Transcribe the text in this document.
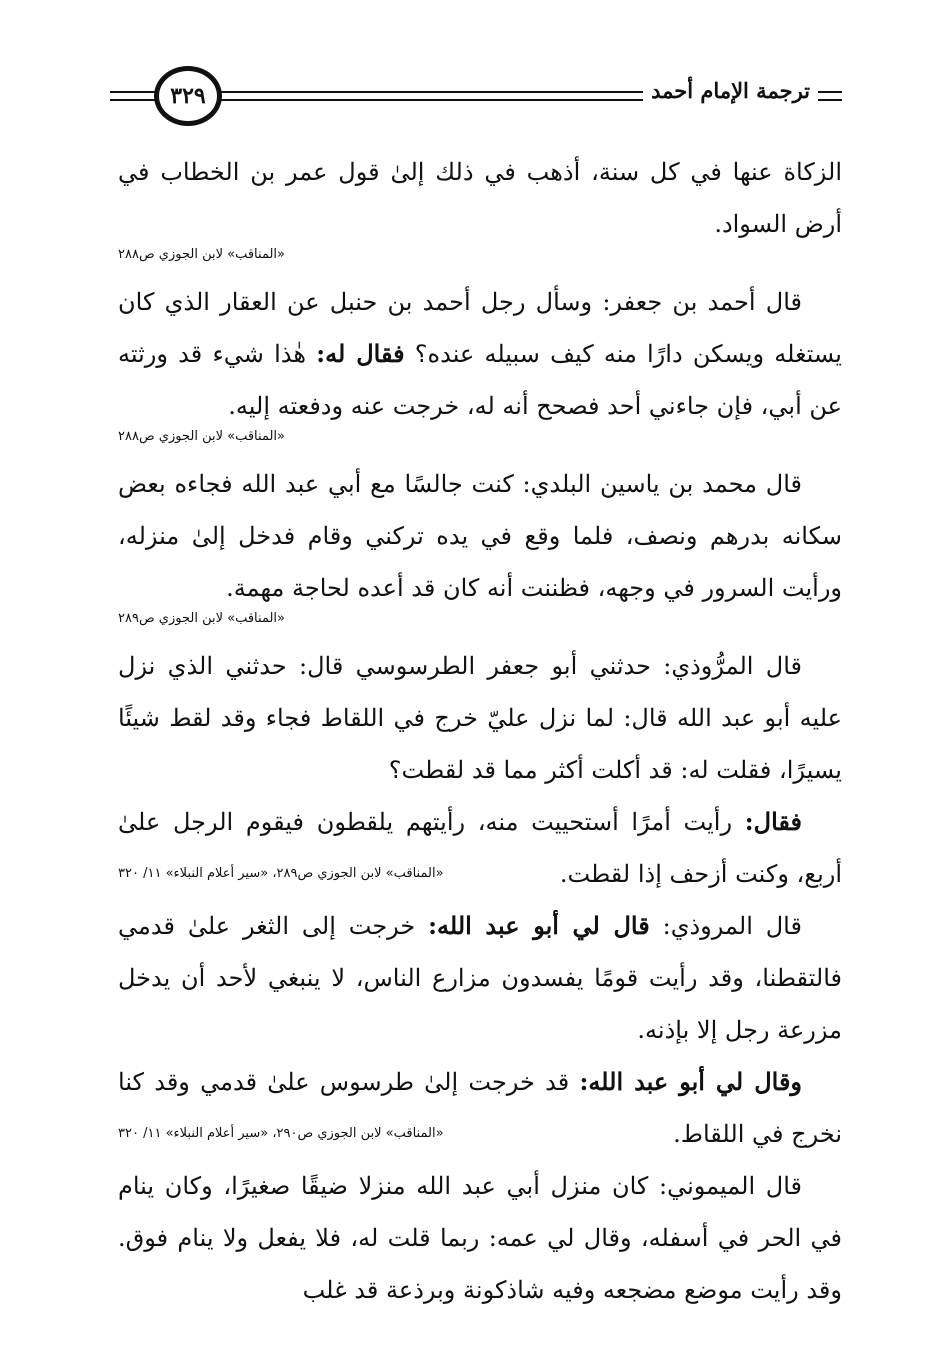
٣٢٩	ترجمة الإمام أحمد

الزكاة عنها في كل سنة، أذهب في ذلك إلىٰ قول عمر بن الخطاب في أرض السواد.

«المناقب» لابن الجوزي ص٢٨٨

قال أحمد بن جعفر: وسأل رجل أحمد بن حنبل عن العقار الذي كان يستغله ويسكن دارًا منه كيف سبيله عنده؟ فقال له: هٰذا شيء قد ورثته عن أبي، فإن جاءني أحد فصحح أنه له، خرجت عنه ودفعته إليه.

«المناقب» لابن الجوزي ص٢٨٨

قال محمد بن ياسين البلدي: كنت جالسًا مع أبي عبد الله فجاءه بعض سكانه بدرهم ونصف، فلما وقع في يده تركني وقام فدخل إلىٰ منزله، ورأيت السرور في وجهه، فظننت أنه كان قد أعده لحاجة مهمة.

«المناقب» لابن الجوزي ص٢٨٩

قال المرُّوذي: حدثني أبو جعفر الطرسوسي قال: حدثني الذي نزل عليه أبو عبد الله قال: لما نزل عليّ خرج في اللقاط فجاء وقد لقط شيئًا يسيرًا، فقلت له: قد أكلت أكثر مما قد لقطت؟

فقال: رأيت أمرًا أستحييت منه، رأيتهم يلقطون فيقوم الرجل علىٰ أربع، وكنت أزحف إذا لقطت.
«المناقب» لابن الجوزي ص٢٨٩، «سير أعلام النبلاء» ١١/ ٣٢٠

قال المروذي: قال لي أبو عبد الله: خرجت إلى الثغر علىٰ قدمي فالتقطنا، وقد رأيت قومًا يفسدون مزارع الناس، لا ينبغي لأحد أن يدخل مزرعة رجل إلا بإذنه.

وقال لي أبو عبد الله: قد خرجت إلىٰ طرسوس علىٰ قدمي وقد كنا نخرج في اللقاط.
«المناقب» لابن الجوزي ص٢٩٠، «سير أعلام النبلاء» ١١/ ٣٢٠

قال الميموني: كان منزل أبي عبد الله منزلا ضيقًا صغيرًا، وكان ينام في الحر في أسفله، وقال لي عمه: ربما قلت له، فلا يفعل ولا ينام فوق. وقد رأيت موضع مضجعه وفيه شاذكونة وبرذعة قد غلب
